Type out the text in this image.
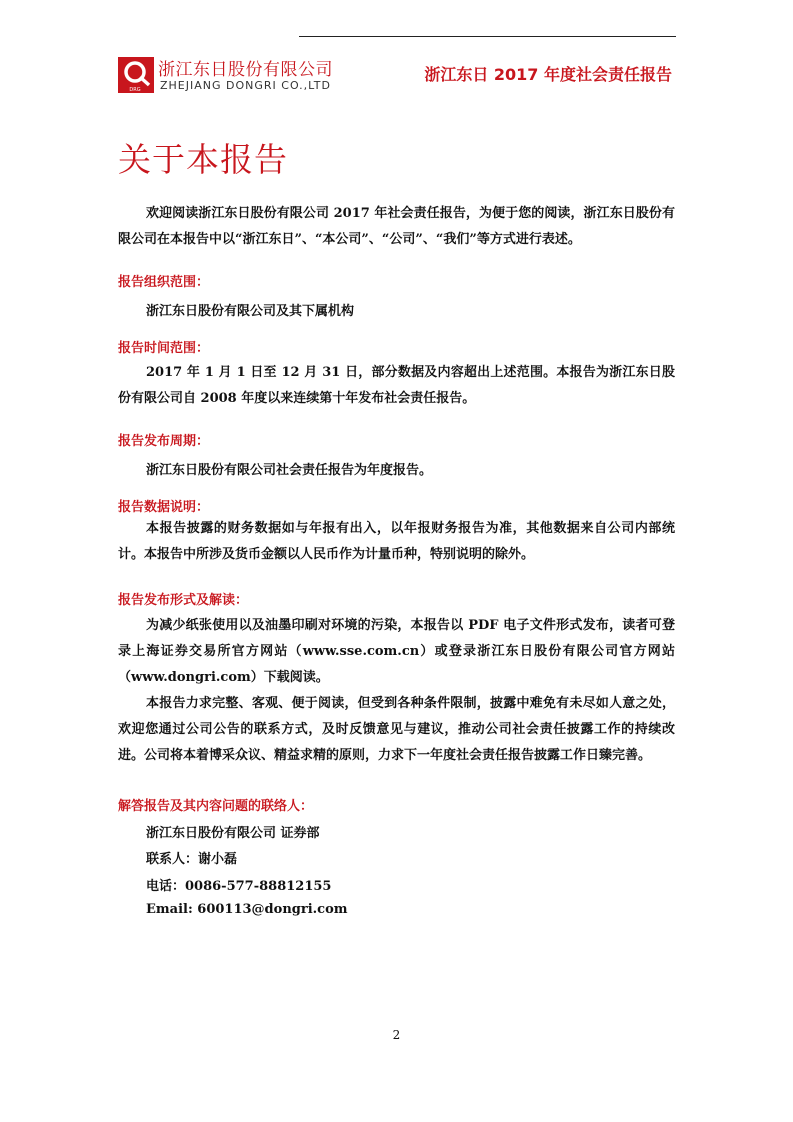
DRG
浙江东日股份有限公司
ZHEJIANG DONGRI CO.,LTD
浙江东日 2017 年度社会责任报告
关于本报告
欢迎阅读浙江东日股份有限公司 2017 年社会责任报告，为便于您的阅读，浙江东日股份有限公司在本报告中以“浙江东日”、“本公司”、“公司”、“我们”等方式进行表述。
报告组织范围：
浙江东日股份有限公司及其下属机构
报告时间范围：
2017 年 1 月 1 日至 12 月 31 日，部分数据及内容超出上述范围。本报告为浙江东日股份有限公司自 2008 年度以来连续第十年发布社会责任报告。
报告发布周期：
浙江东日股份有限公司社会责任报告为年度报告。
报告数据说明：
本报告披露的财务数据如与年报有出入，以年报财务报告为准，其他数据来自公司内部统计。本报告中所涉及货币金额以人民币作为计量币种，特别说明的除外。
报告发布形式及解读：
为减少纸张使用以及油墨印刷对环境的污染，本报告以 PDF 电子文件形式发布，读者可登录上海证券交易所官方网站（www.sse.com.cn）或登录浙江东日股份有限公司官方网站（www.dongri.com）下载阅读。
本报告力求完整、客观、便于阅读，但受到各种条件限制，披露中难免有未尽如人意之处，欢迎您通过公司公告的联系方式，及时反馈意见与建议，推动公司社会责任披露工作的持续改进。公司将本着博采众议、精益求精的原则，力求下一年度社会责任报告披露工作日臻完善。
解答报告及其内容问题的联络人：
浙江东日股份有限公司 证券部
联系人：谢小磊
电话：0086-577-88812155
Email: 600113@dongri.com
2
